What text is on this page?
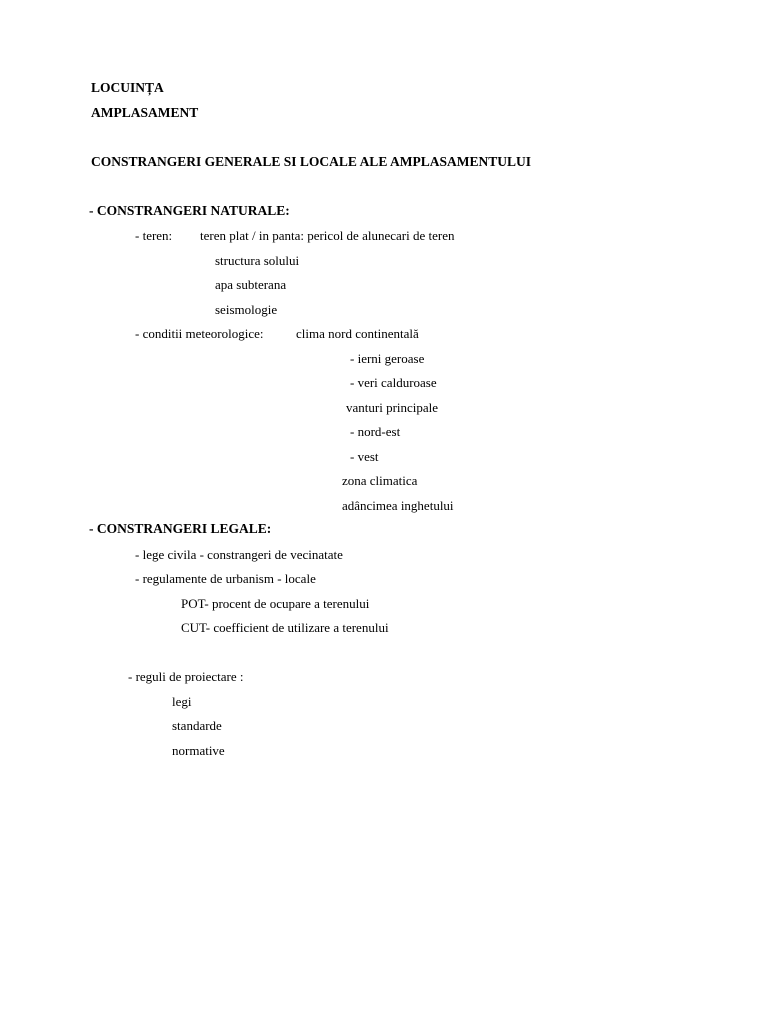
LOCUINȚA
AMPLASAMENT
CONSTRANGERI GENERALE SI LOCALE ALE AMPLASAMENTULUI
- CONSTRANGERI NATURALE:
- teren: teren plat / in panta: pericol de alunecari de teren
structura solului
apa subterana
seismologie
- conditii meteorologice: clima nord continentală
- ierni geroase
- veri calduroase
vanturi principale
- nord-est
- vest
zona climatica
adâncimea inghetului
- CONSTRANGERI LEGALE:
- lege civila - constrangeri de vecinatate
- regulamente de urbanism - locale
POT- procent de ocupare a terenului
CUT- coefficient de utilizare a terenului
- reguli de proiectare :
legi
standarde
normative
